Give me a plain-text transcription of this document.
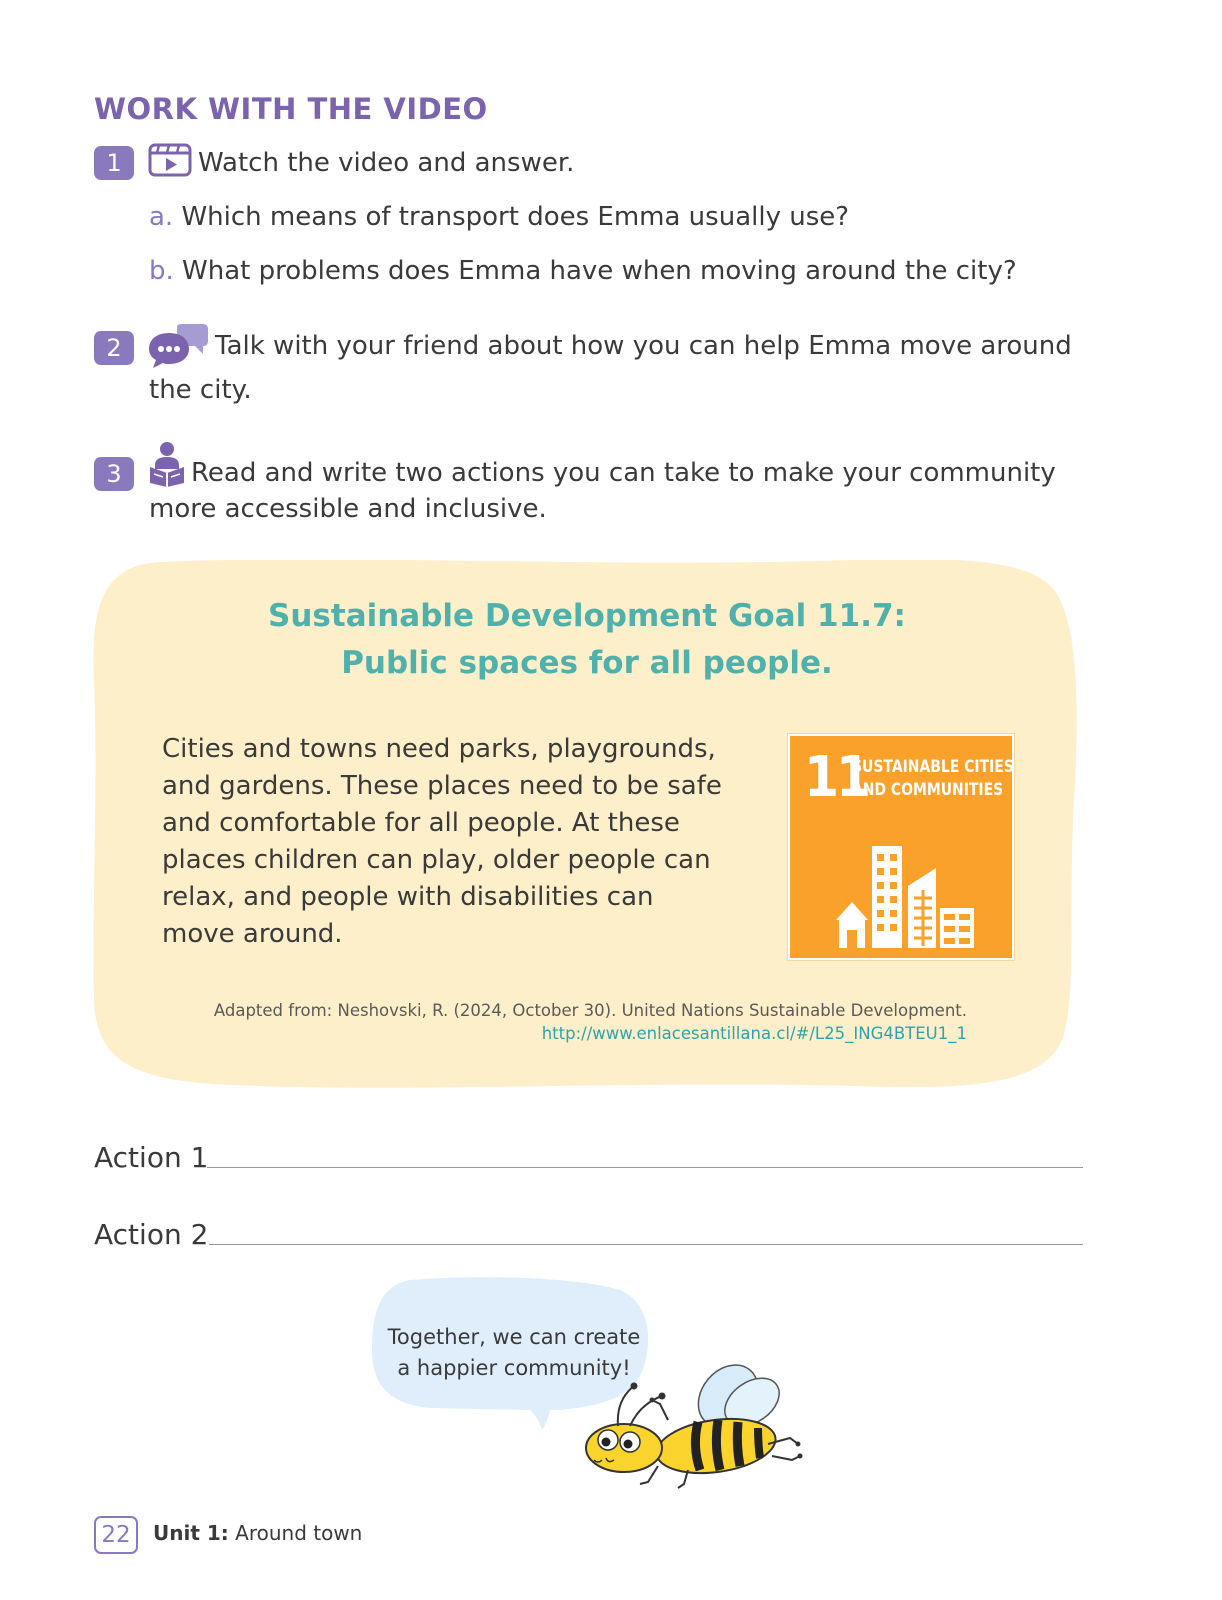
WORK WITH THE VIDEO
1	Watch the video and answer.
a. Which means of transport does Emma usually use?
b. What problems does Emma have when moving around the city?
2	Talk with your friend about how you can help Emma move around
the city.
3	Read and write two actions you can take to make your community
more accessible and inclusive.
Sustainable Development Goal 11.7:
Public spaces for all people.
Cities and towns need parks, playgrounds,
and gardens. These places need to be safe
and comfortable for all people. At these
places children can play, older people can
relax, and people with disabilities can
move around.
11
SUSTAINABLE CITIES
AND COMMUNITIES
Adapted from: Neshovski, R. (2024, October 30). United Nations Sustainable Development.
http://www.enlacesantillana.cl/#/L25_ING4BTEU1_1
Action 1
Action 2
Together, we can create
a happier community!
22	Unit 1: Around town
